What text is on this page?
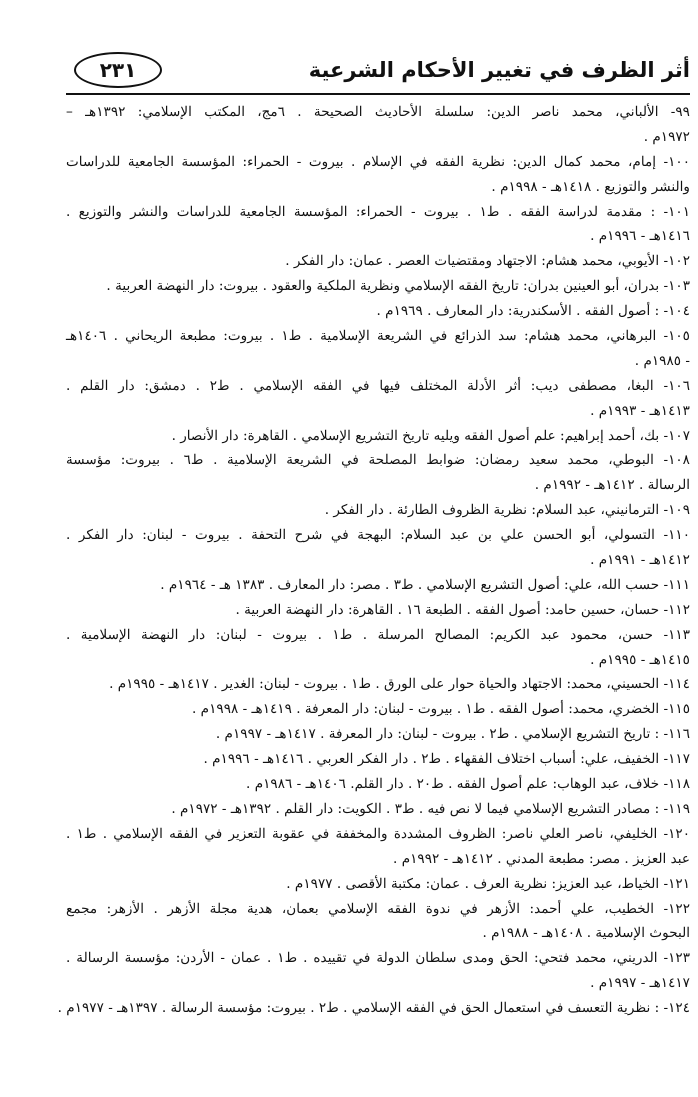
أثر الظرف في تغيير الأحكام الشرعية
٢٣١
٩٩- الألباني، محمد ناصر الدين: سلسلة الأحاديث الصحيحة . ٦مج، المكتب الإسلامي: ١٣٩٢هـ –
١٩٧٢م .
١٠٠- إمام، محمد كمال الدين: نظرية الفقه في الإسلام . بيروت - الحمراء: المؤسسة الجامعية للدراسات
والنشر والتوزيع . ١٤١٨هـ - ١٩٩٨م .
١٠١- : مقدمة لدراسة الفقه . ط١ . بيروت - الحمراء: المؤسسة الجامعية للدراسات والنشر والتوزيع .
١٤١٦هـ - ١٩٩٦م .
١٠٢- الأيوبي، محمد هشام: الاجتهاد ومقتضيات العصر . عمان: دار الفكر .
١٠٣- بدران، أبو العينين بدران: تاريخ الفقه الإسلامي ونظرية الملكية والعقود . بيروت: دار النهضة العربية .
١٠٤- : أصول الفقه . الأسكندرية: دار المعارف . ١٩٦٩م .
١٠٥- البرهاني، محمد هشام: سد الذرائع في الشريعة الإسلامية . ط١ . بيروت: مطبعة الريحاني . ١٤٠٦هـ
- ١٩٨٥م .
١٠٦- البغا، مصطفى ديب: أثر الأدلة المختلف فيها في الفقه الإسلامي . ط٢ . دمشق: دار القلم .
١٤١٣هـ - ١٩٩٣م .
١٠٧- بك، أحمد إبراهيم: علم أصول الفقه ويليه تاريخ التشريع الإسلامي . القاهرة: دار الأنصار .
١٠٨- البوطي، محمد سعيد رمضان: ضوابط المصلحة في الشريعة الإسلامية . ط٦ . بيروت: مؤسسة
الرسالة . ١٤١٢هـ - ١٩٩٢م .
١٠٩- الترمانيني، عبد السلام: نظرية الظروف الطارئة . دار الفكر .
١١٠- التسولي، أبو الحسن علي بن عبد السلام: البهجة في شرح التحفة . بيروت - لبنان: دار الفكر .
١٤١٢هـ - ١٩٩١م .
١١١- حسب الله، علي: أصول التشريع الإسلامي . ط٣ . مصر: دار المعارف . ١٣٨٣ هـ - ١٩٦٤م .
١١٢- حسان، حسين حامد: أصول الفقه . الطبعة ١٦ . القاهرة: دار النهضة العربية .
١١٣- حسن، محمود عبد الكريم: المصالح المرسلة . ط١ . بيروت - لبنان: دار النهضة الإسلامية .
١٤١٥هـ - ١٩٩٥م .
١١٤- الحسيني، محمد: الاجتهاد والحياة حوار على الورق . ط١ . بيروت - لبنان: الغدير . ١٤١٧هـ - ١٩٩٥م .
١١٥- الخضري، محمد: أصول الفقه . ط١ . بيروت - لبنان: دار المعرفة . ١٤١٩هـ - ١٩٩٨م .
١١٦- : تاريخ التشريع الإسلامي . ط٢ . بيروت - لبنان: دار المعرفة . ١٤١٧هـ - ١٩٩٧م .
١١٧- الخفيف، علي: أسباب اختلاف الفقهاء . ط٢ . دار الفكر العربي . ١٤١٦هـ - ١٩٩٦م .
١١٨- خلاف، عبد الوهاب: علم أصول الفقه . ط٢٠ . دار القلم. ١٤٠٦هـ - ١٩٨٦م .
١١٩- : مصادر التشريع الإسلامي فيما لا نص فيه . ط٣ . الكويت: دار القلم . ١٣٩٢هـ - ١٩٧٢م .
١٢٠- الخليفي، ناصر العلي ناصر: الظروف المشددة والمخففة في عقوبة التعزير في الفقه الإسلامي . ط١ .
عبد العزيز . مصر: مطبعة المدني . ١٤١٢هـ - ١٩٩٢م .
١٢١- الخياط، عبد العزيز: نظرية العرف . عمان: مكتبة الأقصى . ١٩٧٧م .
١٢٢- الخطيب، علي أحمد: الأزهر في ندوة الفقه الإسلامي بعمان، هدية مجلة الأزهر . الأزهر: مجمع
البحوث الإسلامية . ١٤٠٨هـ - ١٩٨٨م .
١٢٣- الدريني، محمد فتحي: الحق ومدى سلطان الدولة في تقييده . ط١ . عمان - الأردن: مؤسسة الرسالة .
١٤١٧هـ - ١٩٩٧م .
١٢٤- : نظرية التعسف في استعمال الحق في الفقه الإسلامي . ط٢ . بيروت: مؤسسة الرسالة . ١٣٩٧هـ - ١٩٧٧م .
